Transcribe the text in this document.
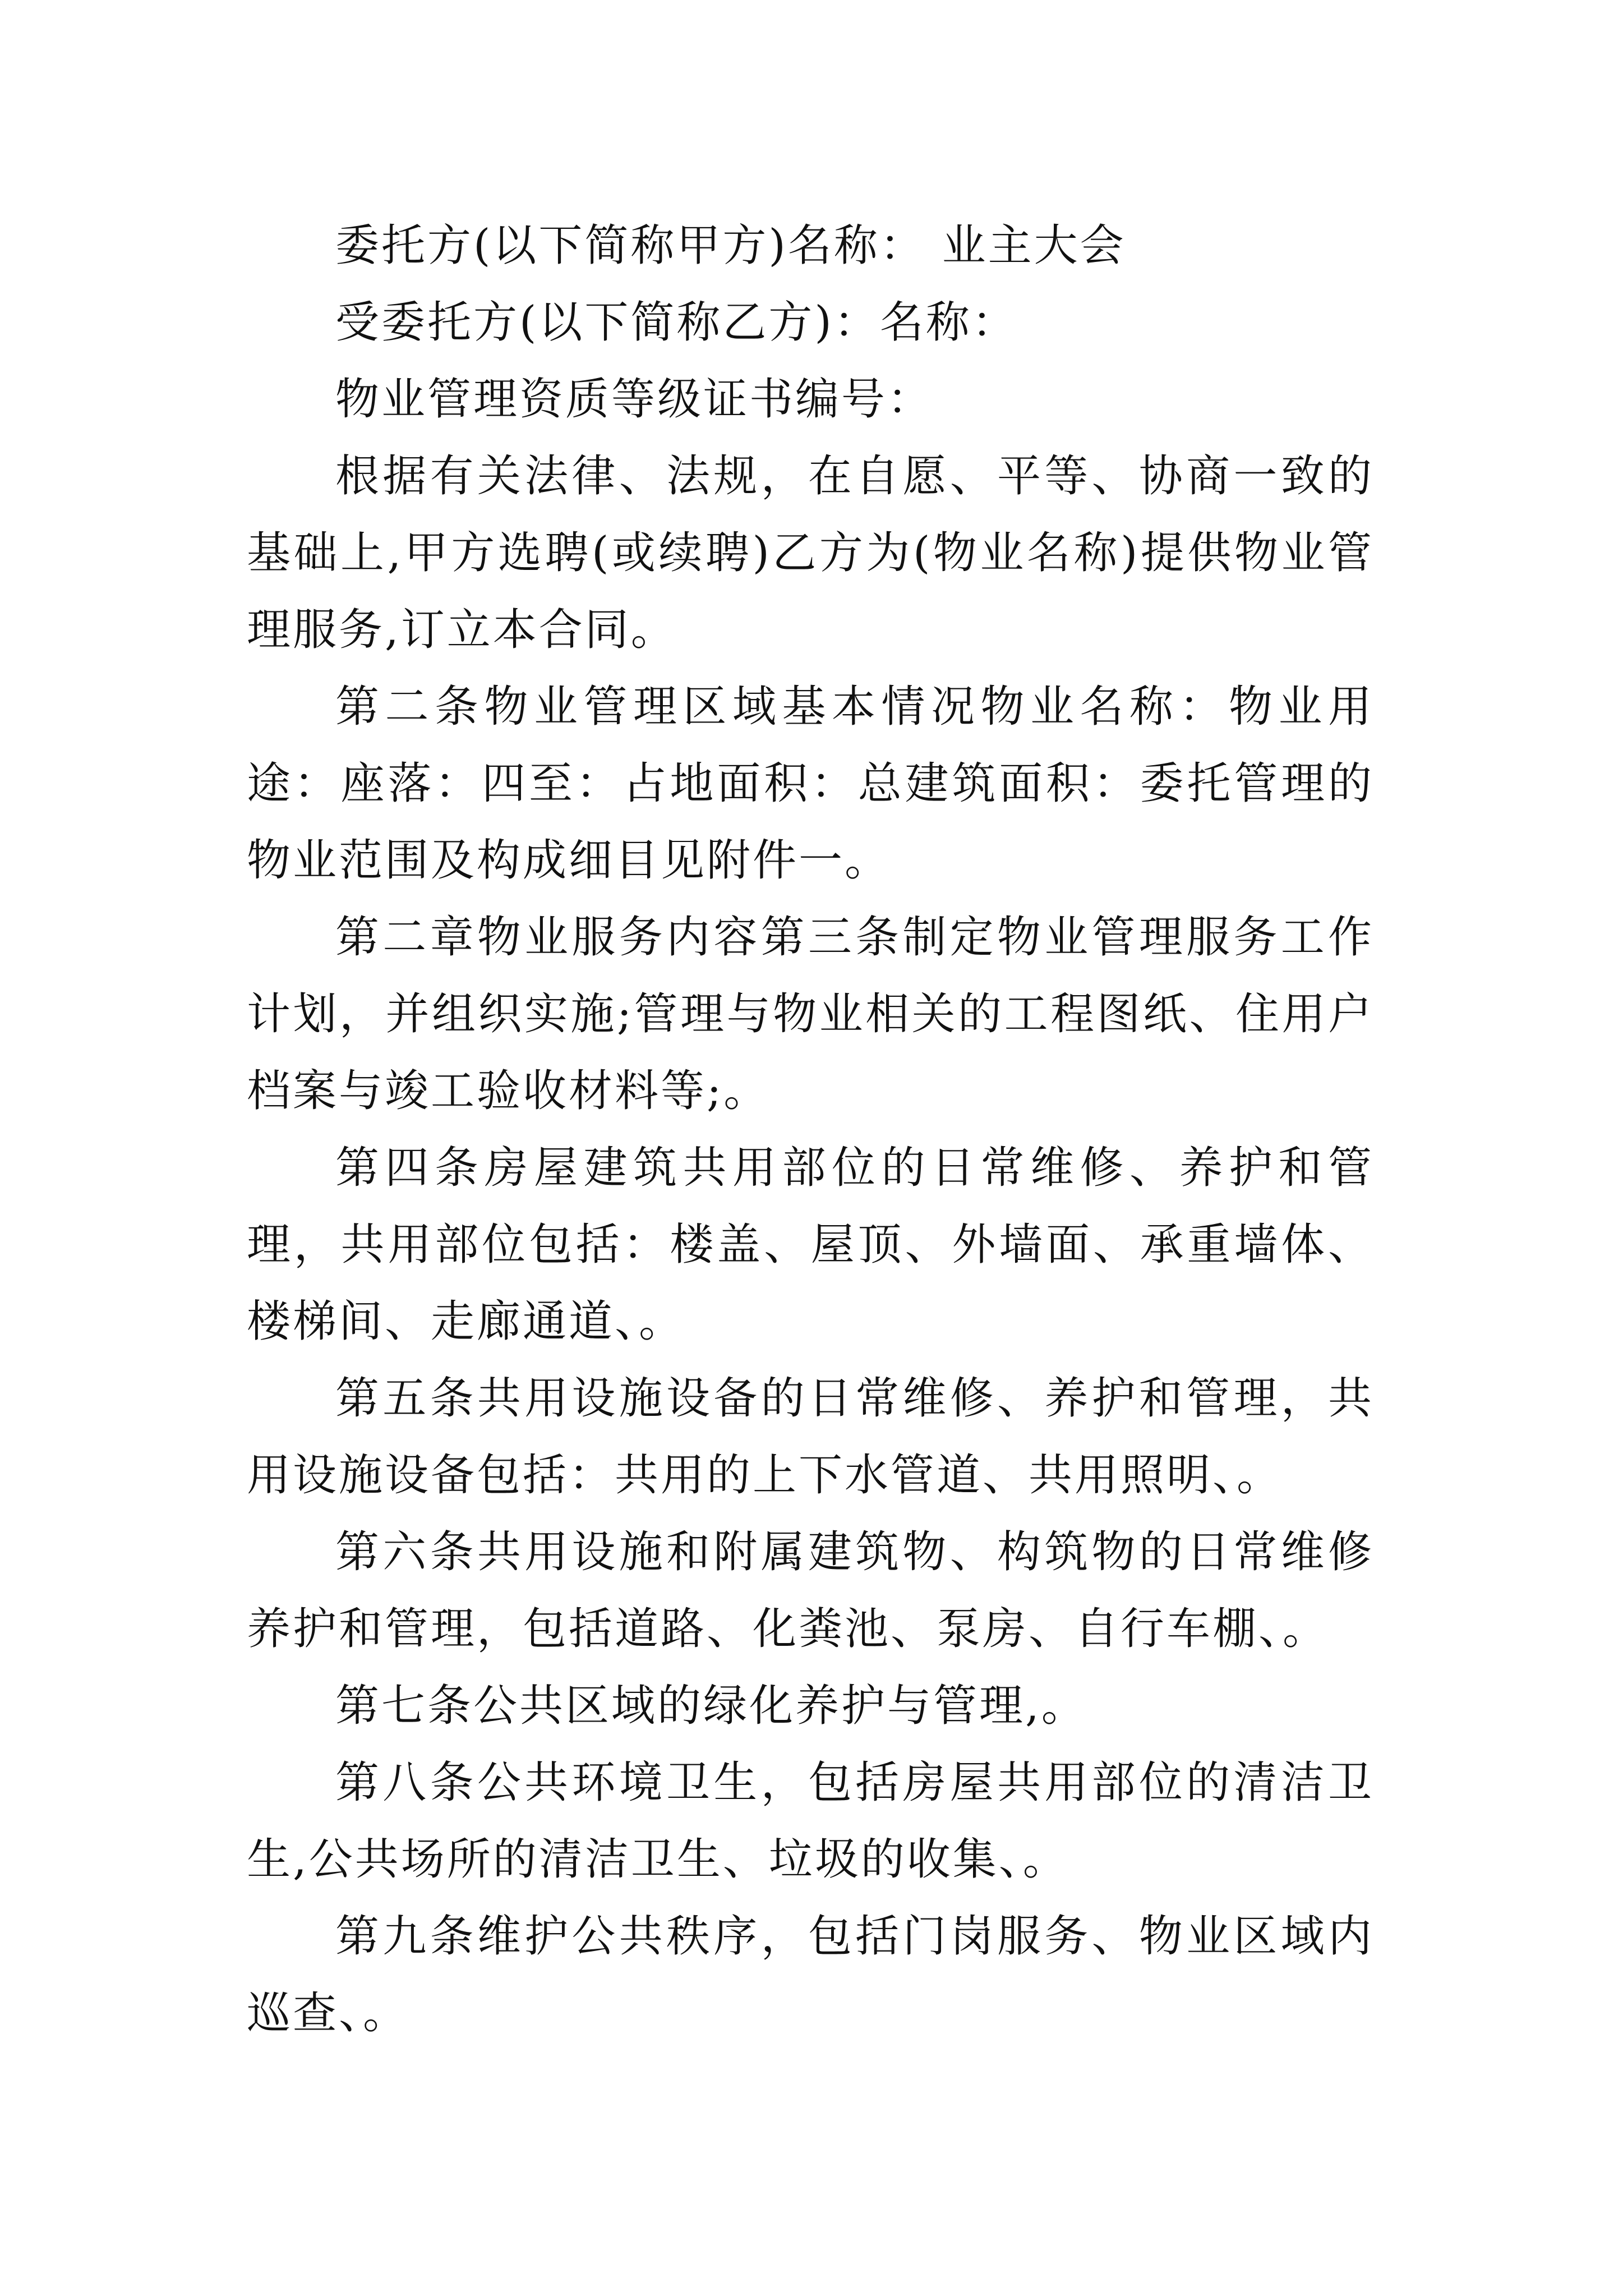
委托方(以下简称甲方)名称： 业主大会

受委托方(以下简称乙方)：名称：

物业管理资质等级证书编号：

根据有关法律、法规，在自愿、平等、协商一致的基础上,甲方选聘(或续聘)乙方为(物业名称)提供物业管理服务,订立本合同。

第二条物业管理区域基本情况物业名称：物业用途：座落：四至：占地面积：总建筑面积：委托管理的物业范围及构成细目见附件一。

第二章物业服务内容第三条制定物业管理服务工作计划，并组织实施;管理与物业相关的工程图纸、住用户档案与竣工验收材料等;。

第四条房屋建筑共用部位的日常维修、养护和管理，共用部位包括：楼盖、屋顶、外墙面、承重墙体、楼梯间、走廊通道、。

第五条共用设施设备的日常维修、养护和管理，共用设施设备包括：共用的上下水管道、共用照明、。

第六条共用设施和附属建筑物、构筑物的日常维修养护和管理，包括道路、化粪池、泵房、自行车棚、。

第七条公共区域的绿化养护与管理,。

第八条公共环境卫生，包括房屋共用部位的清洁卫生,公共场所的清洁卫生、垃圾的收集、。

第九条维护公共秩序，包括门岗服务、物业区域内巡查、。
